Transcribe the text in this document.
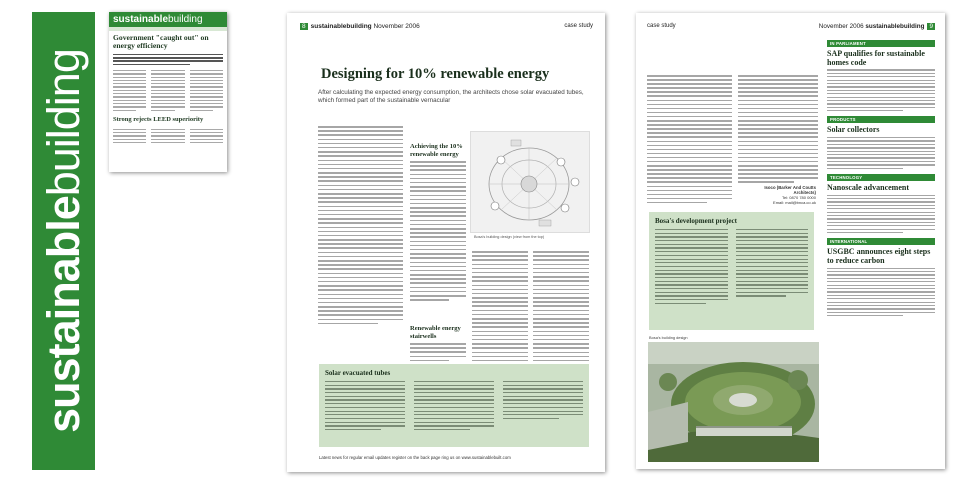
sustainablebuilding
sustainablebuilding
Government "caught out" on energy efficiency
Strong rejects LEED superiority
8 sustainablebuilding November 2006	case study
Designing for 10% renewable energy
After calculating the expected energy consumption, the architects chose solar evacuated tubes, which formed part of the sustainable vernacular
Achieving the 10% renewable energy
Bosa's building design (view from the top)
Renewable energy stairwells
Solar evacuated tubes
Latest news for regular email updates register on the back page ring us on www.sustainablebuilt.com
case study	November 2006 sustainablebuilding 9
Isoco (Barker And Coutts Architects)
Tel: 0870 780 0000
Email: mail@bnca.co.uk
Bosa's development project
Bosa's building design
IN PARLIAMENT
SAP qualifies for sustainable homes code
PRODUCTS
Solar collectors
TECHNOLOGY
Nanoscale advancement
INTERNATIONAL
USGBC announces eight steps to reduce carbon
